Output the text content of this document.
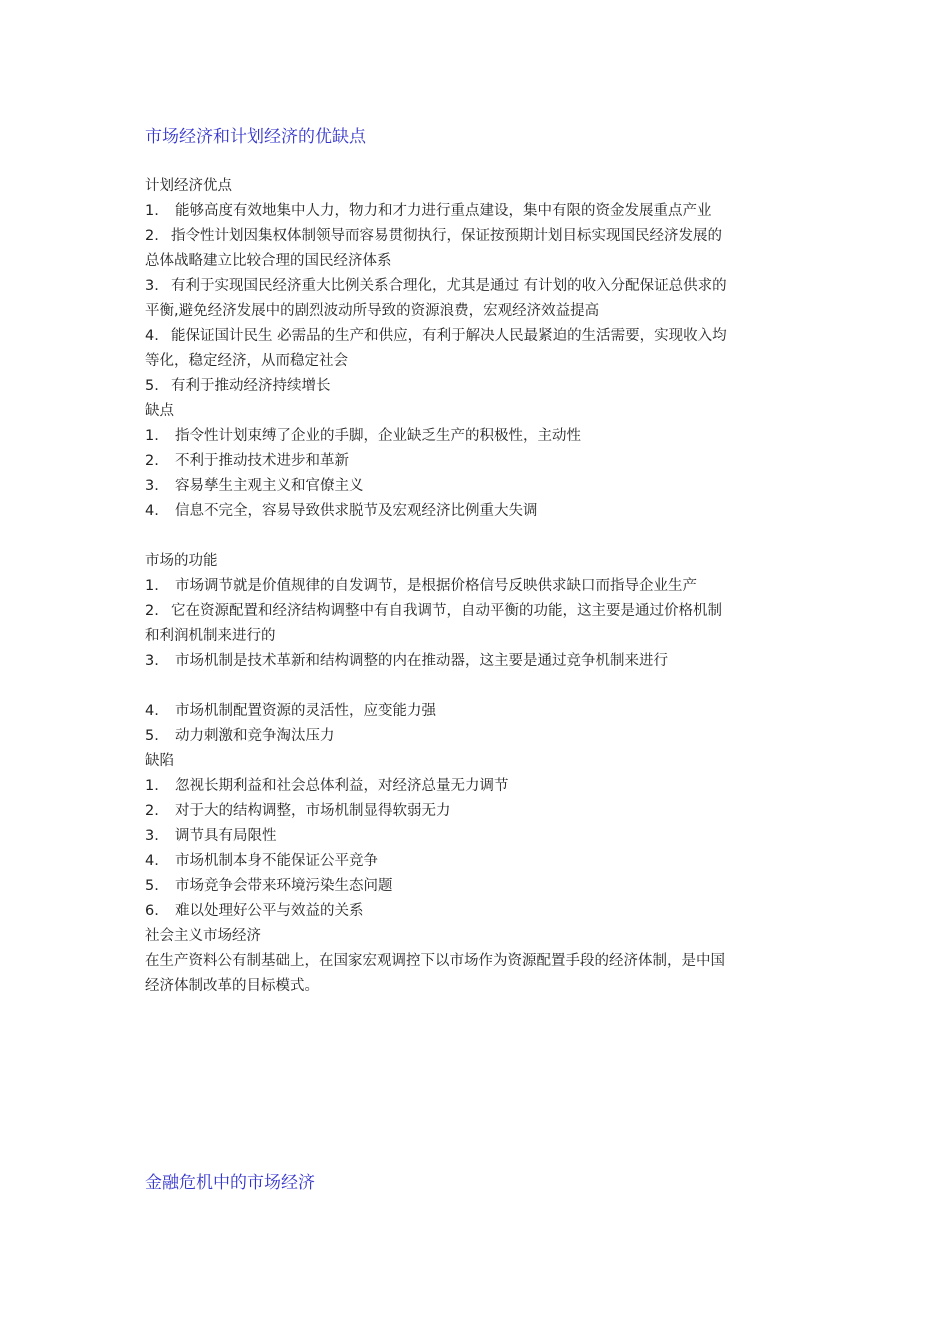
市场经济和计划经济的优缺点
计划经济优点
1. 能够高度有效地集中人力，物力和才力进行重点建设，集中有限的资金发展重点产业
2. 指令性计划因集权体制领导而容易贯彻执行，保证按预期计划目标实现国民经济发展的
总体战略建立比较合理的国民经济体系
3. 有利于实现国民经济重大比例关系合理化，尤其是通过 有计划的收入分配保证总供求的
平衡,避免经济发展中的剧烈波动所导致的资源浪费，宏观经济效益提高
4. 能保证国计民生 必需品的生产和供应，有利于解决人民最紧迫的生活需要，实现收入均
等化，稳定经济，从而稳定社会
5. 有利于推动经济持续增长
缺点
1. 指令性计划束缚了企业的手脚，企业缺乏生产的积极性，主动性
2. 不利于推动技术进步和革新
3. 容易孳生主观主义和官僚主义
4. 信息不完全，容易导致供求脱节及宏观经济比例重大失调
市场的功能
1. 市场调节就是价值规律的自发调节，是根据价格信号反映供求缺口而指导企业生产
2. 它在资源配置和经济结构调整中有自我调节，自动平衡的功能，这主要是通过价格机制
和利润机制来进行的
3. 市场机制是技术革新和结构调整的内在推动器，这主要是通过竞争机制来进行
4. 市场机制配置资源的灵活性，应变能力强
5. 动力刺激和竞争淘汰压力
缺陷
1. 忽视长期利益和社会总体利益，对经济总量无力调节
2. 对于大的结构调整，市场机制显得软弱无力
3. 调节具有局限性
4. 市场机制本身不能保证公平竞争
5. 市场竞争会带来环境污染生态问题
6. 难以处理好公平与效益的关系
社会主义市场经济
在生产资料公有制基础上，在国家宏观调控下以市场作为资源配置手段的经济体制，是中国
经济体制改革的目标模式。
金融危机中的市场经济
